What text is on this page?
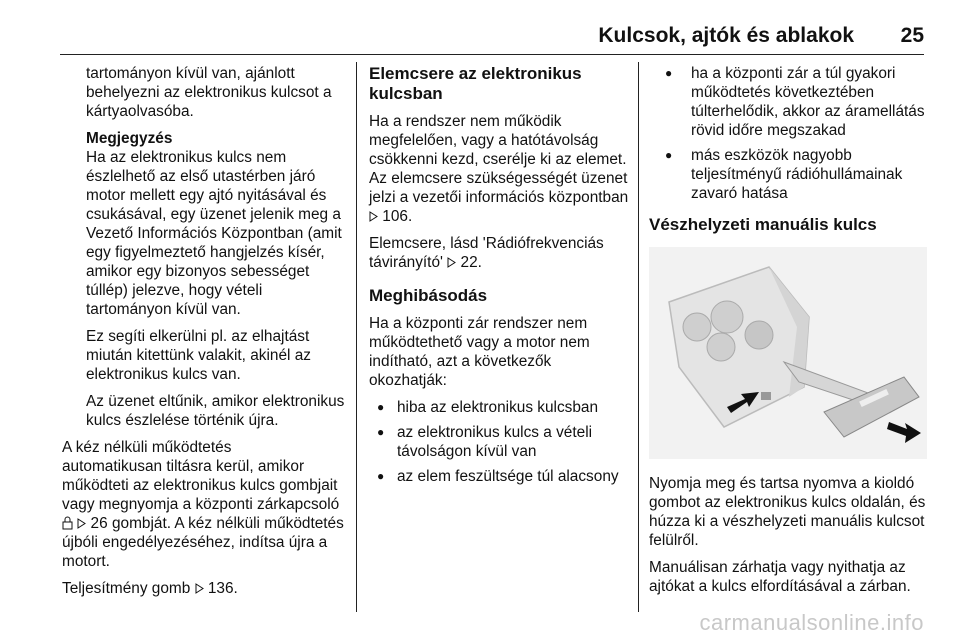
Kulcsok, ajtók és ablakok 25

tartományon kívül van, ajánlott behelyezni az elektronikus kulcsot a kártyaolvasóba.

Megjegyzés

Ha az elektronikus kulcs nem észlelhető az első utastérben járó motor mellett egy ajtó nyitásával és csukásával, egy üzenet jelenik meg a Vezető Információs Központban (amit egy figyelmeztető hangjelzés kísér, amikor egy bizonyos sebességet túllép) jelezve, hogy vételi tartományon kívül van.

Ez segíti elkerülni pl. az elhajtást miután kitettünk valakit, akinél az elektronikus kulcs van.

Az üzenet eltűnik, amikor elektronikus kulcs észlelése történik újra.

A kéz nélküli működtetés
automatikusan tiltásra kerül, amikor működteti az elektronikus kulcs gombjait vagy megnyomja a központi zárkapcsoló   26 gombját. A kéz nélküli működtetés újbóli engedélyezéséhez, indítsa újra a motort.

Teljesítmény gomb  136.

Elemcsere az elektronikus kulcsban

Ha a rendszer nem működik megfelelően, vagy a hatótávolság csökkenni kezd, cserélje ki az elemet. Az elemcsere szükségességét üzenet jelzi a vezetői információs központban  106.

Elemcsere, lásd 'Rádiófrekvenciás távirányító'  22.

Meghibásodás

Ha a központi zár rendszer nem működtethető vagy a motor nem indítható, azt a következők okozhatják:

● hiba az elektronikus kulcsban
● az elektronikus kulcs a vételi távolságon kívül van
● az elem feszültsége túl alacsony
● ha a központi zár a túl gyakori működtetés következtében túlterhelődik, akkor az áramellátás rövid időre megszakad
● más eszközök nagyobb teljesítményű rádióhullámainak zavaró hatása
Vészhelyzeti manuális kulcs

Nyomja meg és tartsa nyomva a kioldó gombot az elektronikus kulcs oldalán, és húzza ki a vészhelyzeti manuális kulcsot felülről.

Manuálisan zárhatja vagy nyithatja az ajtókat a kulcs elfordításával a zárban.

carmanualsonline.info
